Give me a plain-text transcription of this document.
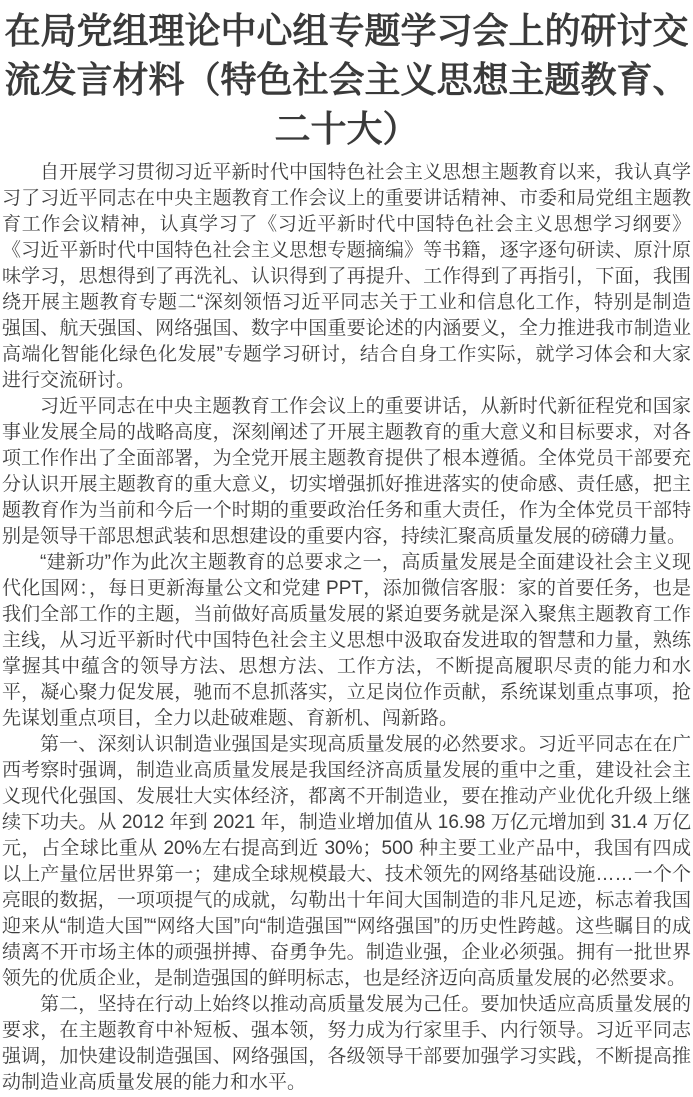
在局党组理论中心组专题学习会上的研讨交流发言材料（特色社会主义思想主题教育、二十大）

自开展学习贯彻习近平新时代中国特色社会主义思想主题教育以来，我认真学习了习近平同志在中央主题教育工作会议上的重要讲话精神、市委和局党组主题教育工作会议精神，认真学习了《习近平新时代中国特色社会主义思想学习纲要》《习近平新时代中国特色社会主义思想专题摘编》等书籍，逐字逐句研读、原汁原味学习，思想得到了再洗礼、认识得到了再提升、工作得到了再指引，下面，我围绕开展主题教育专题二“深刻领悟习近平同志关于工业和信息化工作，特别是制造强国、航天强国、网络强国、数字中国重要论述的内涵要义，全力推进我市制造业高端化智能化绿色化发展”专题学习研讨，结合自身工作实际，就学习体会和大家进行交流研讨。

习近平同志在中央主题教育工作会议上的重要讲话，从新时代新征程党和国家事业发展全局的战略高度，深刻阐述了开展主题教育的重大意义和目标要求，对各项工作作出了全面部署，为全党开展主题教育提供了根本遵循。全体党员干部要充分认识开展主题教育的重大意义，切实增强抓好推进落实的使命感、责任感，把主题教育作为当前和今后一个时期的重要政治任务和重大责任，作为全体党员干部特别是领导干部思想武装和思想建设的重要内容，持续汇聚高质量发展的磅礴力量。

“建新功”作为此次主题教育的总要求之一，高质量发展是全面建设社会主义现代化国网：，每日更新海量公文和党建 PPT，添加微信客服：家的首要任务，也是我们全部工作的主题，当前做好高质量发展的紧迫要务就是深入聚焦主题教育工作主线，从习近平新时代中国特色社会主义思想中汲取奋发进取的智慧和力量，熟练掌握其中蕴含的领导方法、思想方法、工作方法，不断提高履职尽责的能力和水平，凝心聚力促发展，驰而不息抓落实，立足岗位作贡献，系统谋划重点事项，抢先谋划重点项目，全力以赴破难题、育新机、闯新路。

第一、深刻认识制造业强国是实现高质量发展的必然要求。习近平同志在在广西考察时强调，制造业高质量发展是我国经济高质量发展的重中之重，建设社会主义现代化强国、发展壮大实体经济，都离不开制造业，要在推动产业优化升级上继续下功夫。从 2012 年到 2021 年，制造业增加值从 16.98 万亿元增加到 31.4 万亿元，占全球比重从 20%左右提高到近 30%；500 种主要工业产品中，我国有四成以上产量位居世界第一；建成全球规模最大、技术领先的网络基础设施……一个个亮眼的数据，一项项提气的成就，勾勒出十年间大国制造的非凡足迹，标志着我国迎来从“制造大国”“网络大国”向“制造强国”“网络强国”的历史性跨越。这些瞩目的成绩离不开市场主体的顽强拼搏、奋勇争先。制造业强，企业必须强。拥有一批世界领先的优质企业，是制造强国的鲜明标志，也是经济迈向高质量发展的必然要求。

第二，坚持在行动上始终以推动高质量发展为己任。要加快适应高质量发展的要求，在主题教育中补短板、强本领，努力成为行家里手、内行领导。习近平同志强调，加快建设制造强国、网络强国，各级领导干部要加强学习实践，不断提高推动制造业高质量发展的能力和水平。
